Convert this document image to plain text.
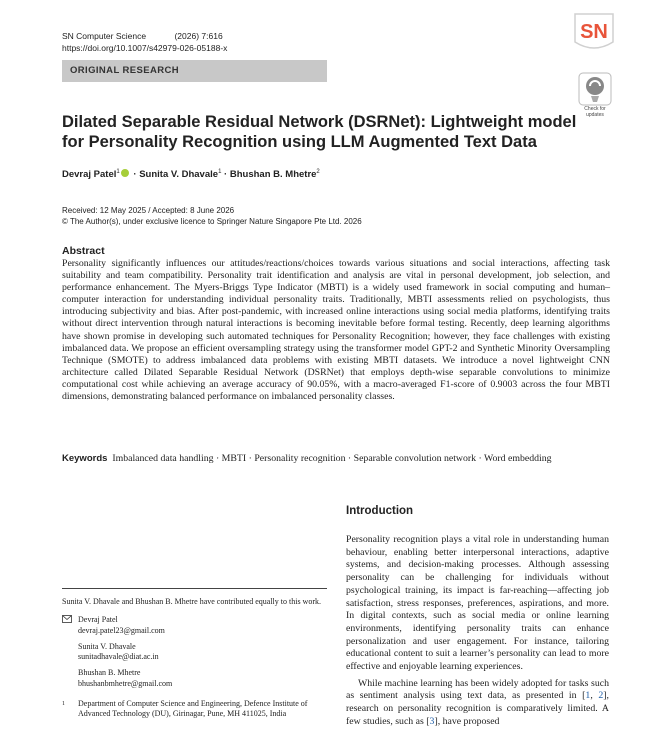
SN Computer Science	(2026) 7:616
https://doi.org/10.1007/s42979-026-05188-x
SN
ORIGINAL RESEARCH
Check for
updates
Dilated Separable Residual Network (DSRNet): Lightweight model for Personality Recognition using LLM Augmented Text Data
Devraj Patel$^1$ · Sunita V. Dhavale$^1$ · Bhushan B. Mhetre$^2$
Received: 12 May 2025 / Accepted: 8 June 2026
© The Author(s), under exclusive licence to Springer Nature Singapore Pte Ltd. 2026
Abstract
Personality significantly influences our attitudes/reactions/choices towards various situations and social interactions, affecting task suitability and team compatibility. Personality trait identification and analysis are vital in personal development, job selection, and performance enhancement. The Myers-Briggs Type Indicator (MBTI) is a widely used framework in social computing and human–computer interaction for understanding individual personality traits. Traditionally, MBTI assessments relied on psychologists, thus introducing subjectivity and bias. After post-pandemic, with increased online interactions using social media platforms, identifying traits without direct intervention through natural interactions is becoming inevitable before formal testing. Recently, deep learning algorithms have shown promise in developing such automated techniques for Personality Recognition; however, they face challenges with existing imbalanced data. We propose an efficient oversampling strategy using the transformer model GPT-2 and Synthetic Minority Oversampling Technique (SMOTE) to address imbalanced data problems with existing MBTI datasets. We introduce a novel lightweight CNN architecture called Dilated Separable Residual Network (DSRNet) that employs depth-wise separable convolutions to minimize computational cost while achieving an average accuracy of 90.05%, with a macro-averaged F1-score of 0.9003 across the four MBTI dimensions, demonstrating balanced performance on imbalanced personality classes.
Keywords Imbalanced data handling · MBTI · Personality recognition · Separable convolution network · Word embedding
Introduction

Personality recognition plays a vital role in understanding human behaviour, enabling better interpersonal interactions, adaptive systems, and decision-making processes. Although assessing personality can be challenging for individuals without psychological training, its impact is far-reaching—affecting job satisfaction, stress responses, preferences, aspirations, and more. In digital contexts, such as social media or online learning environments, identifying personality traits can enhance personalization and user engagement. For instance, tailoring educational content to suit a learner’s personality can lead to more effective and enjoyable learning experiences.

While machine learning has been widely adopted for tasks such as sentiment analysis using text data, as presented in [1, 2], research on personality recognition is comparatively limited. A few studies, such as [3], have proposed

Sunita V. Dhavale and Bhushan B. Mhetre have contributed equally to this work.
Devraj Patel
devraj.patel23@gmail.com
Sunita V. Dhavale
sunitadhavale@diat.ac.in
Bhushan B. Mhetre
bhushanbmhetre@gmail.com
1	Department of Computer Science and Engineering, Defence Institute of Advanced Technology (DU), Girinagar, Pune, MH 411025, India
